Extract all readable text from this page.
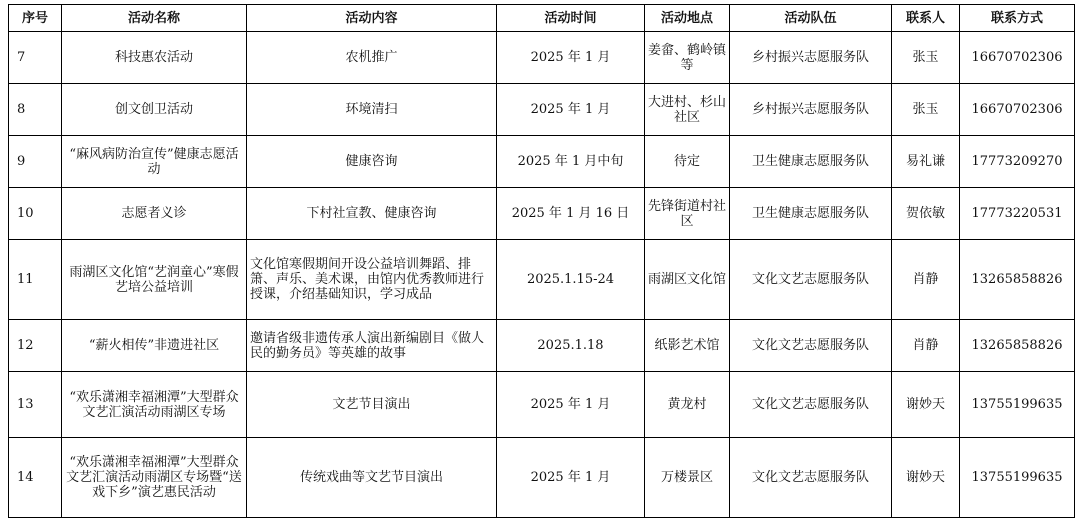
序号	活动名称	活动内容	活动时间	活动地点	活动队伍	联系人	联系方式
7	科技惠农活动	农机推广	2025 年 1 月	姜畲、鹤岭镇等	乡村振兴志愿服务队	张玉	16670702306
8	创文创卫活动	环境清扫	2025 年 1 月	大进村、杉山社区	乡村振兴志愿服务队	张玉	16670702306
9	“麻风病防治宣传”健康志愿活动	健康咨询	2025 年 1 月中旬	待定	卫生健康志愿服务队	易礼谦	17773209270
10	志愿者义诊	下村社宣教、健康咨询	2025 年 1 月 16 日	先锋街道村社区	卫生健康志愿服务队	贺依敏	17773220531
11	雨湖区文化馆“艺润童心”寒假艺培公益培训	文化馆寒假期间开设公益培训舞蹈、排箫、声乐、美术课，由馆内优秀教师进行授课，介绍基础知识，学习成品	2025.1.15-24	雨湖区文化馆	文化文艺志愿服务队	肖静	13265858826
12	“薪火相传”非遗进社区	邀请省级非遗传承人演出新编剧目《做人民的勤务员》等英雄的故事	2025.1.18	纸影艺术馆	文化文艺志愿服务队	肖静	13265858826
13	“欢乐潇湘幸福湘潭”大型群众文艺汇演活动雨湖区专场	文艺节目演出	2025 年 1 月	黄龙村	文化文艺志愿服务队	谢妙天	13755199635
14	“欢乐潇湘幸福湘潭”大型群众文艺汇演活动雨湖区专场暨“送戏下乡”演艺惠民活动	传统戏曲等文艺节目演出	2025 年 1 月	万楼景区	文化文艺志愿服务队	谢妙天	13755199635
